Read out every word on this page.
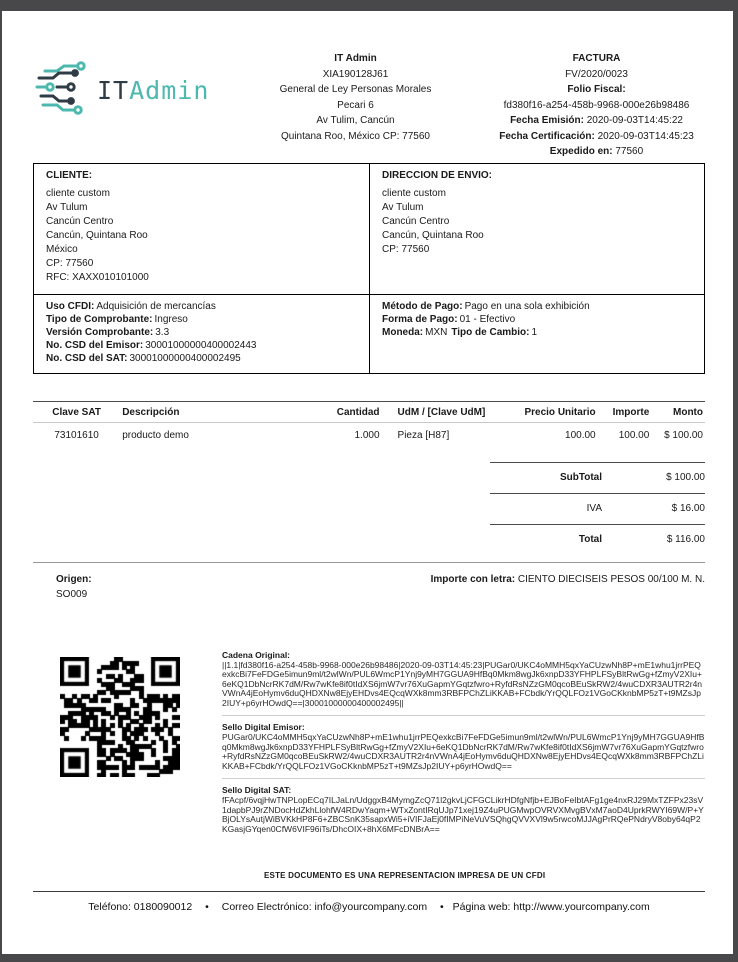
ITAdmin
IT Admin
XIA190128J61
General de Ley Personas Morales
Pecari 6
Av Tulim, Cancún
Quintana Roo, México CP: 77560
FACTURA
FV/2020/0023
Folio Fiscal:
fd380f16-a254-458b-9968-000e26b98486
Fecha Emisión: 2020-09-03T14:45:22
Fecha Certificación: 2020-09-03T14:45:23
Expedido en: 77560
CLIENTE:
cliente custom
Av Tulum
Cancún Centro
Cancún, Quintana Roo
México
CP: 77560
RFC: XAXX010101000
DIRECCION DE ENVIO:
cliente custom
Av Tulum
Cancún Centro
Cancún, Quintana Roo
CP: 77560
Uso CFDI: Adquisición de mercancías
Tipo de Comprobante: Ingreso
Versión Comprobante: 3.3
No. CSD del Emisor: 30001000000400002443
No. CSD del SAT: 30001000000400002495
Método de Pago: Pago en una sola exhibición
Forma de Pago: 01 - Efectivo
Moneda: MXN Tipo de Cambio: 1
Clave SAT	Descripción	Cantidad	UdM / [Clave UdM]	Precio Unitario	Importe	Monto
73101610	producto demo	1.000	Pieza [H87]	100.00	100.00	$ 100.00
SubTotal	$ 100.00
IVA	$ 16.00
Total	$ 116.00
Origen:
SO009
Importe con letra: CIENTO DIECISEIS PESOS 00/100 M. N.
Cadena Original:
||1.1|fd380f16-a254-458b-9968-000e26b98486|2020-09-03T14:45:23|PUGar0/UKC4oMMH5qxYaCUzwNh8P+mE1whu1jrrPEQexkcBi7FeFDGe5imun9ml/t2wlWn/PUL6WmcP1Ynj9yMH7GGUA9HfBq0Mkm8wgJk6xnpD33YFHPLFSyBltRwGg+fZmyV2XIu+6eKQ1DbNcrRK7dM/Rw7wKfe8if0tIdXS6jmW7vr76XuGapmYGqtzfwro+RyfdRsNZzGM0qcoBEuSkRW2/4wuCDXR3AUTR2r4nVWnA4jEoHymv6duQHDXNw8EjyEHDvs4EQcqWXk8mm3RBFPChZLiKKAB+FCbdk/YrQQLFOz1VGoCKknbMP5zT+t9MZsJp2IUY+p6yrHOwdQ==|30001000000400002495||
Sello Digital Emisor:
PUGar0/UKC4oMMH5qxYaCUzwNh8P+mE1whu1jrrPEQexkcBi7FeFDGe5imun9ml/t2wlWn/PUL6WmcP1Ynj9yMH7GGUA9HfBq0Mkm8wgJk6xnpD33YFHPLFSyBltRwGg+fZmyV2XIu+6eKQ1DbNcrRK7dM/Rw7wKfe8if0tIdXS6jmW7vr76XuGapmYGqtzfwro+RyfdRsNZzGM0qcoBEuSkRW2/4wuCDXR3AUTR2r4nVWnA4jEoHymv6duQHDXNw8EjyEHDvs4EQcqWXk8mm3RBFPChZLiKKAB+FCbdk/YrQQLFOz1VGoCKknbMP5zT+t9MZsJp2IUY+p6yrHOwdQ==
Sello Digital SAT:
fFAcpf/6vqjHwTNPLopECq7ILJaLn/UdggxB4MymgZcQ71l2gkvLjCFGCLikrHDfgNfjb+EJBoFeIbtAFg1ge4nxRJ29MxTZFPx23sV1dapbPJ9rZNDocHdZkhLlohfW4RDwYaqm+WTxZontIRqUJp71xej19Z4uPUGMwpOVRVXMvgBVxM7aoD4UprkRWYI69W/P+YBjOLYsAutjWiBVKkHP8F6+ZBCSnK35sapxWi5+iVIFJaEj0fIMPiNeVuVSQhgQVVXVl9w5rwcoMJJAgPrRQePNdryV8oby64qP2KGasjGYqen0CfW6VIF96iTs/DhcOIX+8hX6MFcDNBrA==
ESTE DOCUMENTO ES UNA REPRESENTACION IMPRESA DE UN CFDI
Teléfono: 0180090012 • Correo Electrónico: info@yourcompany.com • Página web: http://www.yourcompany.com
